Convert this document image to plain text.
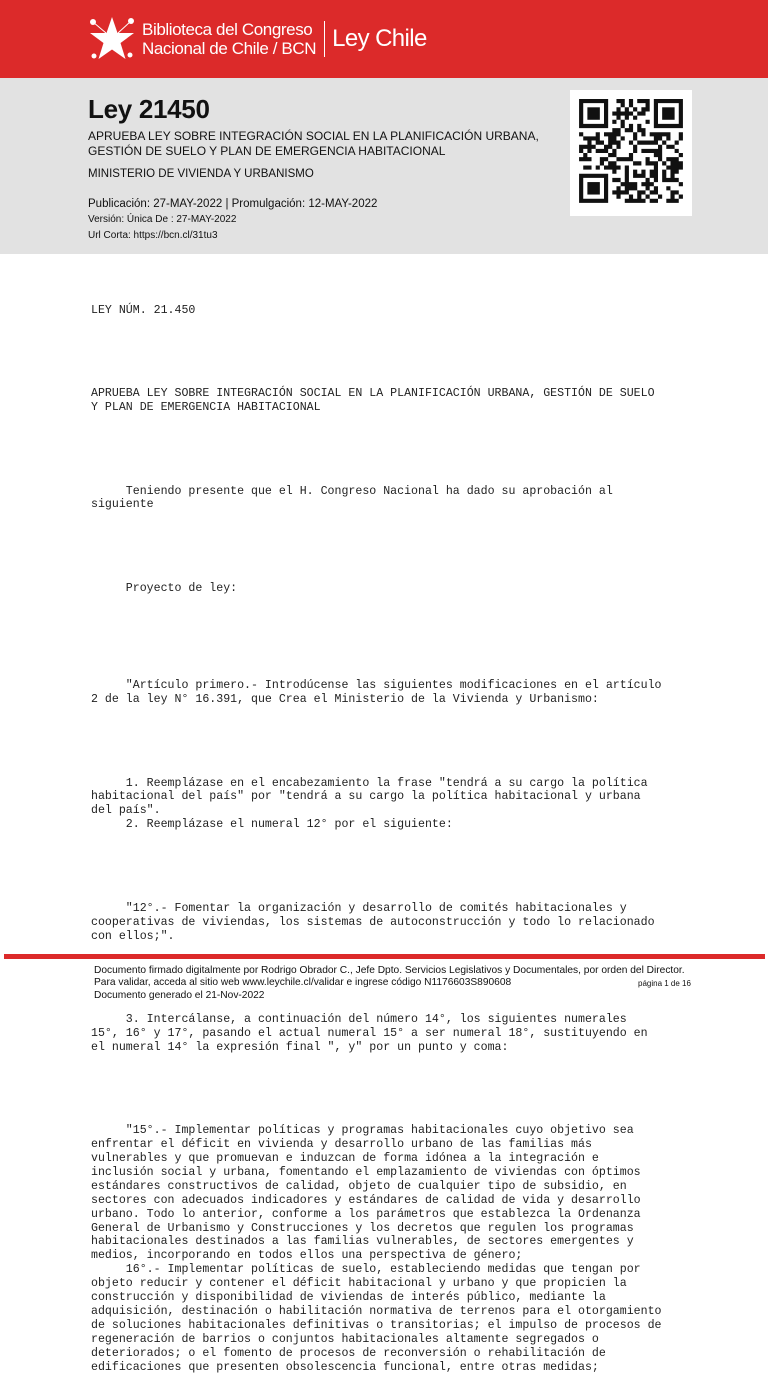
Biblioteca del Congreso
Nacional de Chile / BCN Ley Chile
Ley 21450
APRUEBA LEY SOBRE INTEGRACIÓN SOCIAL EN LA PLANIFICACIÓN URBANA, GESTIÓN DE SUELO Y PLAN DE EMERGENCIA HABITACIONAL
MINISTERIO DE VIVIENDA Y URBANISMO
Publicación: 27-MAY-2022 | Promulgación: 12-MAY-2022
Versión: Única De : 27-MAY-2022
Url Corta: https://bcn.cl/31tu3

LEY NÚM. 21.450

APRUEBA LEY SOBRE INTEGRACIÓN SOCIAL EN LA PLANIFICACIÓN URBANA, GESTIÓN DE SUELO
Y PLAN DE EMERGENCIA HABITACIONAL

Teniendo presente que el H. Congreso Nacional ha dado su aprobación al
siguiente

Proyecto de ley:

"Artículo primero.- Introdúcense las siguientes modificaciones en el artículo
2 de la ley N° 16.391, que Crea el Ministerio de la Vivienda y Urbanismo:

1. Reemplázase en el encabezamiento la frase "tendrá a su cargo la política
habitacional del país" por "tendrá a su cargo la política habitacional y urbana
del país".
2. Reemplázase el numeral 12° por el siguiente:

"12°.- Fomentar la organización y desarrollo de comités habitacionales y
cooperativas de viviendas, los sistemas de autoconstrucción y todo lo relacionado
con ellos;".

3. Intercálanse, a continuación del número 14°, los siguientes numerales
15°, 16° y 17°, pasando el actual numeral 15° a ser numeral 18°, sustituyendo en
el numeral 14° la expresión final ", y" por un punto y coma:

"15°.- Implementar políticas y programas habitacionales cuyo objetivo sea
enfrentar el déficit en vivienda y desarrollo urbano de las familias más
vulnerables y que promuevan e induzcan de forma idónea a la integración e
inclusión social y urbana, fomentando el emplazamiento de viviendas con óptimos
estándares constructivos de calidad, objeto de cualquier tipo de subsidio, en
sectores con adecuados indicadores y estándares de calidad de vida y desarrollo
urbano. Todo lo anterior, conforme a los parámetros que establezca la Ordenanza
General de Urbanismo y Construcciones y los decretos que regulen los programas
habitacionales destinados a las familias vulnerables, de sectores emergentes y
medios, incorporando en todos ellos una perspectiva de género;
16°.- Implementar políticas de suelo, estableciendo medidas que tengan por
objeto reducir y contener el déficit habitacional y urbano y que propicien la
construcción y disponibilidad de viviendas de interés público, mediante la
adquisición, destinación o habilitación normativa de terrenos para el otorgamiento
de soluciones habitacionales definitivas o transitorias; el impulso de procesos de
regeneración de barrios o conjuntos habitacionales altamente segregados o
deteriorados; o el fomento de procesos de reconversión o rehabilitación de
edificaciones que presenten obsolescencia funcional, entre otras medidas;

Documento firmado digitalmente por Rodrigo Obrador C., Jefe Dpto. Servicios Legislativos y Documentales, por orden del Director.
Para validar, acceda al sitio web www.leychile.cl/validar e ingrese código N1176603S890608
Documento generado el 21-Nov-2022
página 1 de 16
